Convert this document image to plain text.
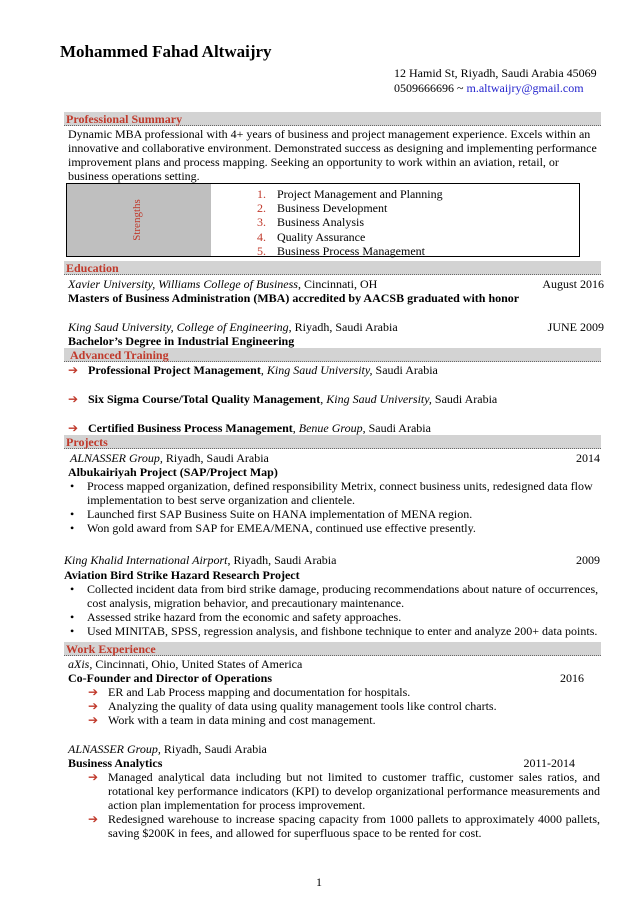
Mohammed Fahad Altwaijry
12 Hamid St, Riyadh, Saudi Arabia 45069
0509666696 ~ m.altwaijry@gmail.com
Professional Summary
Dynamic MBA professional with 4+ years of business and project management experience. Excels within an innovative and collaborative environment. Demonstrated success as designing and implementing performance improvement plans and process mapping. Seeking an opportunity to work within an aviation, retail, or business operations setting.
Strengths
1. Project Management and Planning
2. Business Development
3. Business Analysis
4. Quality Assurance
5. Business Process Management
Education
Xavier University, Williams College of Business, Cincinnati, OH	August 2016
Masters of Business Administration (MBA) accredited by AACSB graduated with honor
King Saud University, College of Engineering, Riyadh, Saudi Arabia	JUNE 2009
Bachelor’s Degree in Industrial Engineering
Advanced Training
➔ Professional Project Management, King Saud University, Saudi Arabia
➔ Six Sigma Course/Total Quality Management, King Saud University, Saudi Arabia
➔ Certified Business Process Management, Benue Group, Saudi Arabia
Projects
ALNASSER Group, Riyadh, Saudi Arabia	2014
Albukairiyah Project (SAP/Project Map)
• Process mapped organization, defined responsibility Metrix, connect business units, redesigned data flow implementation to best serve organization and clientele.
• Launched first SAP Business Suite on HANA implementation of MENA region.
• Won gold award from SAP for EMEA/MENA, continued use effective presently.
King Khalid International Airport, Riyadh, Saudi Arabia	2009
Aviation Bird Strike Hazard Research Project
• Collected incident data from bird strike damage, producing recommendations about nature of occurrences, cost analysis, migration behavior, and precautionary maintenance.
• Assessed strike hazard from the economic and safety approaches.
• Used MINITAB, SPSS, regression analysis, and fishbone technique to enter and analyze 200+ data points.
Work Experience
aXis, Cincinnati, Ohio, United States of America
Co-Founder and Director of Operations	2016
➔ ER and Lab Process mapping and documentation for hospitals.
➔ Analyzing the quality of data using quality management tools like control charts.
➔ Work with a team in data mining and cost management.
ALNASSER Group, Riyadh, Saudi Arabia
Business Analytics	2011-2014
➔ Managed analytical data including but not limited to customer traffic, customer sales ratios, and rotational key performance indicators (KPI) to develop organizational performance measurements and action plan implementation for process improvement.
➔ Redesigned warehouse to increase spacing capacity from 1000 pallets to approximately 4000 pallets, saving $200K in fees, and allowed for superfluous space to be rented for cost.
1
